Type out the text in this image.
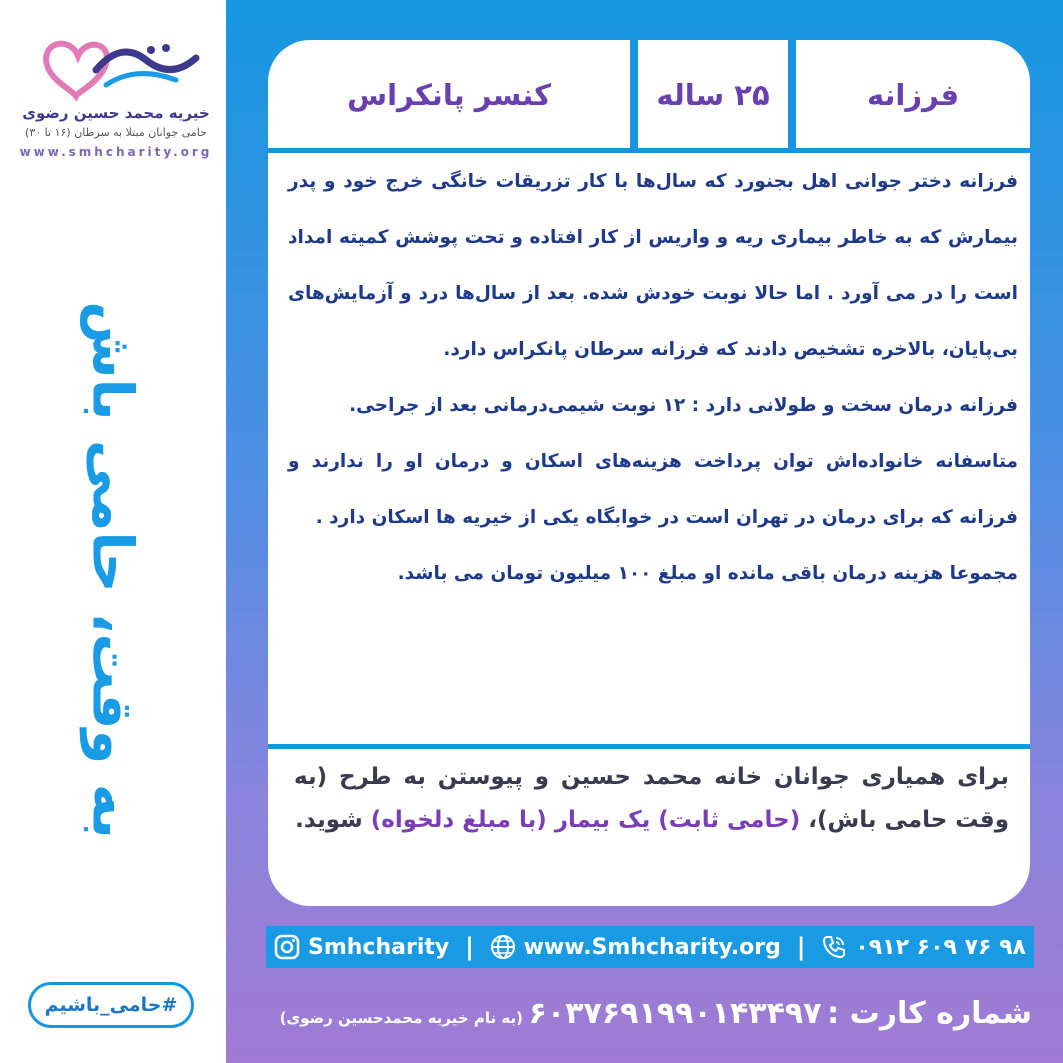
خیریه محمد حسین رضوی
حامی جوانان مبتلا به سرطان (۱۶ تا ۳۰)
www.smhcharity.org
به وقت، حامی باش
#حامی_باشیم
فرزانه
۲۵ ساله
کنسر پانکراس

فرزانه دختر جوانی اهل بجنورد که سال‌ها با کار تزریقات خانگی خرج خود و پدر بیمارش که به خاطر بیماری ریه و واریس از کار افتاده و تحت پوشش کمیته امداد است را در می آورد . اما حالا نوبت خودش شده. بعد از سال‌ها درد و آزمایش‌های بی‌پایان، بالاخره تشخیص دادند که فرزانه سرطان پانکراس دارد.

فرزانه درمان سخت و طولانی دارد : ۱۲ نوبت شیمی‌درمانی بعد از جراحی.

متاسفانه خانواده‌اش توان پرداخت هزینه‌های اسکان و درمان او را ندارند و فرزانه که برای درمان در تهران است در خوابگاه یکی از خیریه ها اسکان دارد .

مجموعا هزینه درمان باقی مانده او مبلغ ۱۰۰ میلیون تومان می باشد.

برای همیاری جوانان خانه محمد حسین و پیوستن به طرح (به وقت حامی باش)، (حامی ثابت) یک بیمار (با مبلغ دلخواه) شوید.
Smhcharity | www.Smhcharity.org | ۰۹۱۲ ۶۰۹ ۷۶ ۹۸
شماره کارت : ۶۰۳۷۶۹۱۹۹۰۱۴۳۴۹۷ (به نام خیریه محمدحسین رضوی)
